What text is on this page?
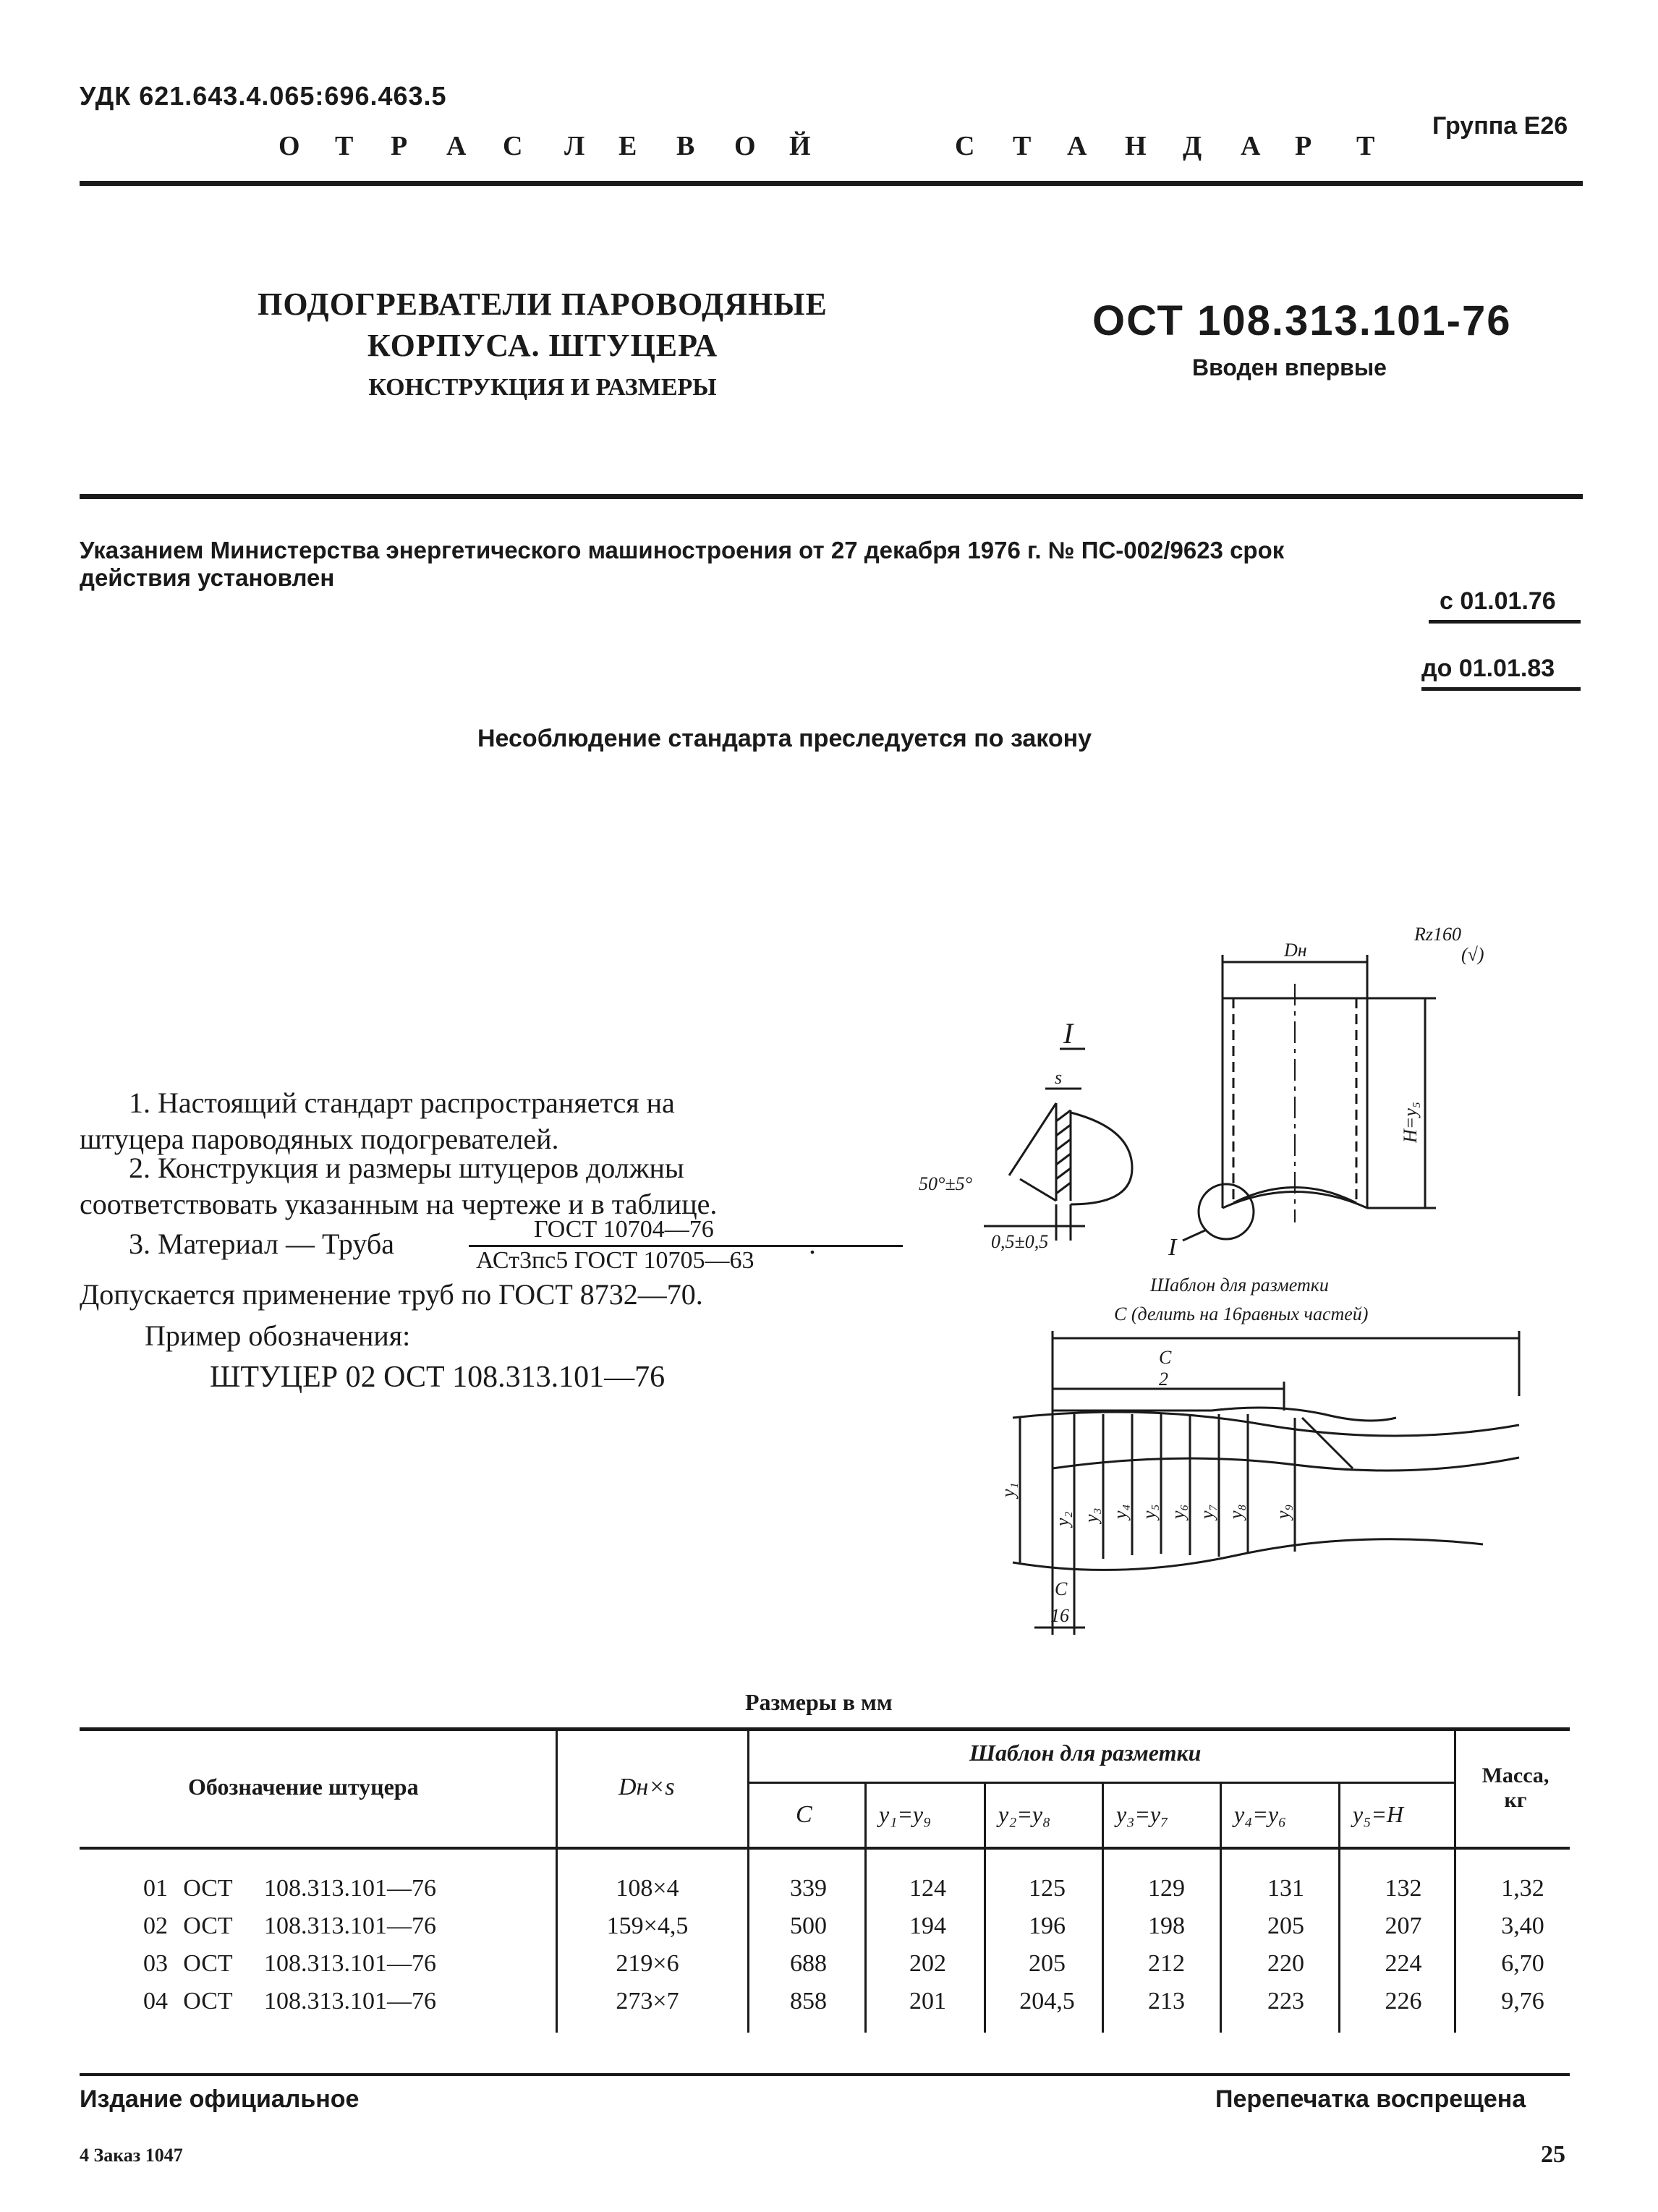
УДК 621.643.4.065:696.463.5
Группа Е26
О Т Р А С Л Е В О Й	С Т А Н Д А Р Т
ПОДОГРЕВАТЕЛИ ПАРОВОДЯНЫЕ
КОРПУСА. ШТУЦЕРА
КОНСТРУКЦИЯ И РАЗМЕРЫ
ОСТ 108.313.101-76
Вводен впервые
Указанием Министерства энергетического машиностроения от 27 декабря 1976 г. № ПС-002/9623 срок
действия установлен
с 01.01.76
до 01.01.83
Несоблюдение стандарта преследуется по закону
1. Настоящий стандарт распространяется на
штуцера пароводяных подогревателей.
2. Конструкция и размеры штуцеров должны
соответствовать указанным на чертеже и в таблице.
3. Материал — Труба	ГОСТ 10704—76
АСт3пс5 ГОСТ 10705—63
.
Допускается применение труб по ГОСТ 8732—70.
Пример обозначения:
ШТУЦЕР 02 ОСТ 108.313.101—76
I
s
50°±5°
0,5±0,5	I
Dн
Rz160
(√)
H=y₅
Шаблон для разметки
С (делить на 16равных частей)
C
2
C
16
y₁
y₂ y₃ y₄ y₅ y₆ y₇ y₈ y₉
Размеры в мм
Обозначение штуцера	Dн×s
Шаблон для разметки
Масса, кг
C	y₁=y₉	y₂=y₈	y₃=y₇	y₄=y₆	y₅=H
01	ОСТ	108.313.101—76	108×4	339	124	125	129	131	132	1,32
02	ОСТ	108.313.101—76	159×4,5	500	194	196	198	205	207	3,40
03	ОСТ	108.313.101—76	219×6	688	202	205	212	220	224	6,70
04	ОСТ	108.313.101—76	273×7	858	201	204,5	213	223	226	9,76
Издание официальное	Перепечатка воспрещена
4 Заказ 1047	25
